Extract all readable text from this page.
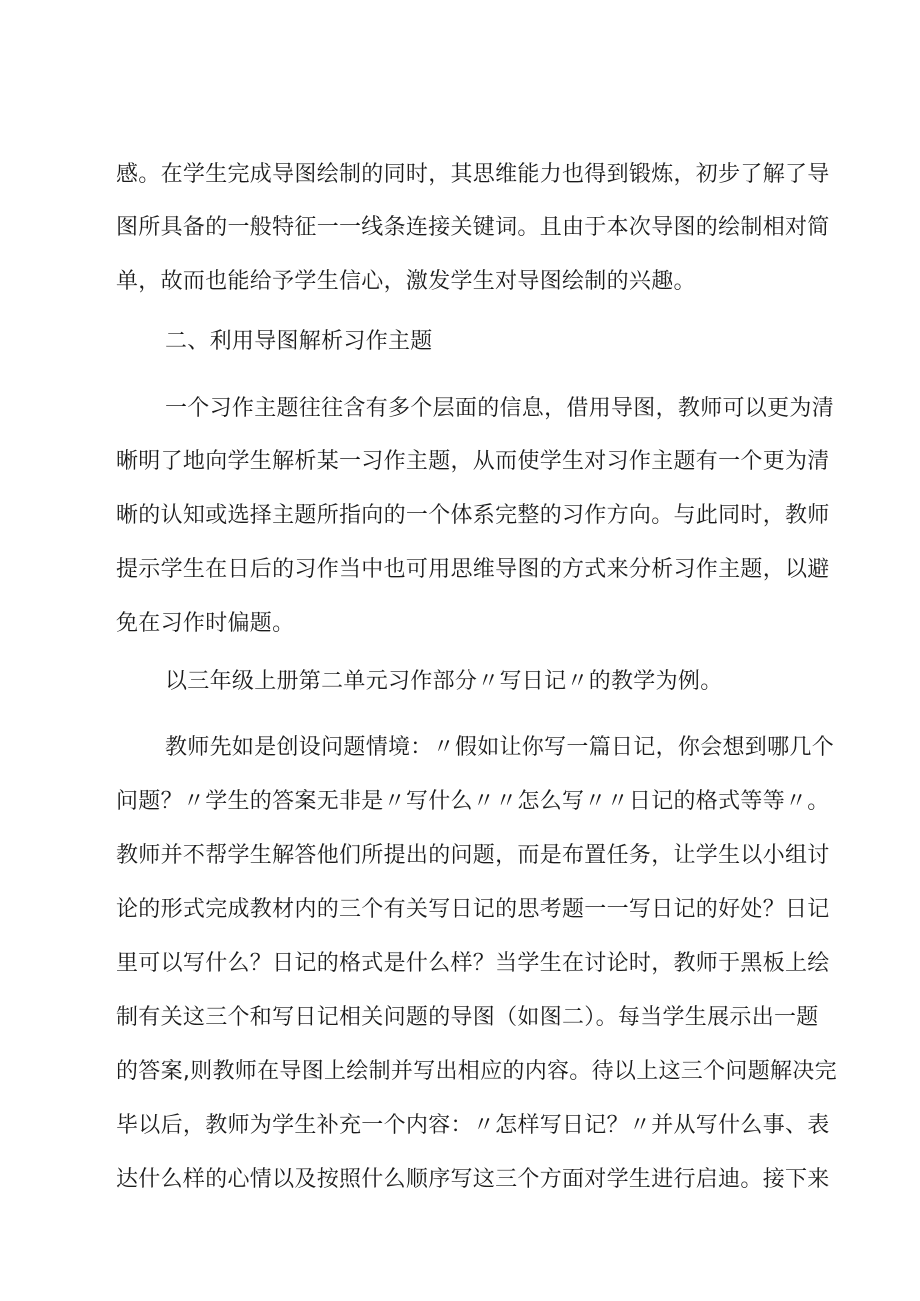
感。在学生完成导图绘制的同时，其思维能力也得到锻炼，初步了解了导
图所具备的一般特征一一线条连接关键词。且由于本次导图的绘制相对简
单，故而也能给予学生信心，激发学生对导图绘制的兴趣。
二、利用导图解析习作主题
一个习作主题往往含有多个层面的信息，借用导图，教师可以更为清
晰明了地向学生解析某一习作主题，从而使学生对习作主题有一个更为清
晰的认知或选择主题所指向的一个体系完整的习作方向。与此同时，教师
提示学生在日后的习作当中也可用思维导图的方式来分析习作主题，以避
免在习作时偏题。
以三年级上册第二单元习作部分〃写日记〃的教学为例。
教师先如是创设问题情境：〃假如让你写一篇日记，你会想到哪几个
问题？〃学生的答案无非是〃写什么〃〃怎么写〃〃日记的格式等等〃。
教师并不帮学生解答他们所提出的问题，而是布置任务，让学生以小组讨
论的形式完成教材内的三个有关写日记的思考题一一写日记的好处？日记
里可以写什么？日记的格式是什么样？当学生在讨论时，教师于黑板上绘
制有关这三个和写日记相关问题的导图（如图二）。每当学生展示出一题
的答案,则教师在导图上绘制并写出相应的内容。待以上这三个问题解决完
毕以后，教师为学生补充一个内容：〃怎样写日记？〃并从写什么事、表
达什么样的心情以及按照什么顺序写这三个方面对学生进行启迪。接下来
